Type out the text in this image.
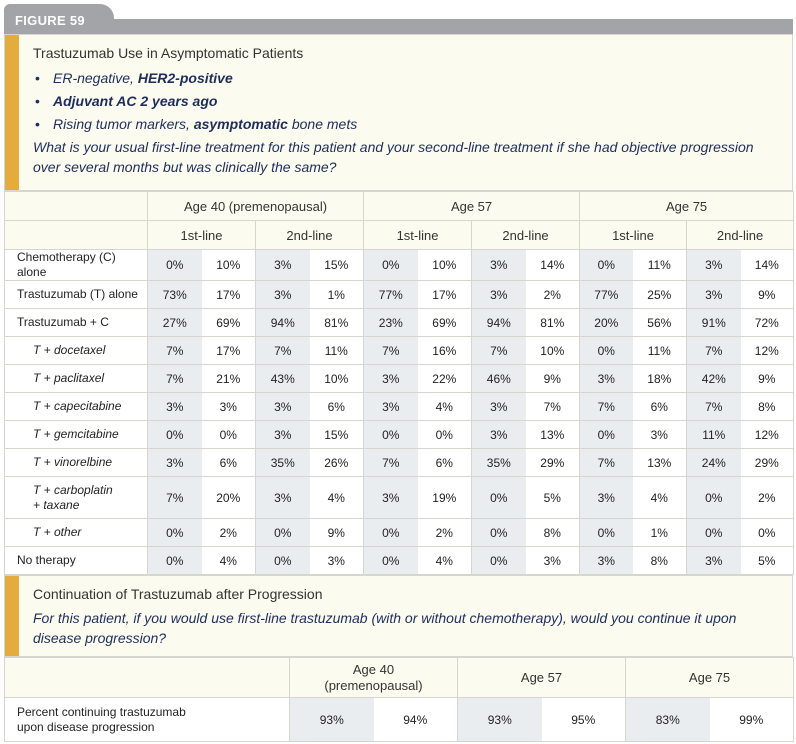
FIGURE 59
Trastuzumab Use in Asymptomatic Patients
• ER-negative, HER2-positive
• Adjuvant AC 2 years ago
• Rising tumor markers, asymptomatic bone mets
What is your usual first-line treatment for this patient and your second-line treatment if she had objective progression over several months but was clinically the same?
	Age 40 (premenopausal)				Age 57				Age 75			
	1st-line		2nd-line		1st-line		2nd-line		1st-line		2nd-line	
Chemotherapy (C) alone	0%	10%	3%	15%	0%	10%	3%	14%	0%	11%	3%	14%
Trastuzumab (T) alone	73%	17%	3%	1%	77%	17%	3%	2%	77%	25%	3%	9%
Trastuzumab + C	27%	69%	94%	81%	23%	69%	94%	81%	20%	56%	91%	72%
T + docetaxel	7%	17%	7%	11%	7%	16%	7%	10%	0%	11%	7%	12%
T + paclitaxel	7%	21%	43%	10%	3%	22%	46%	9%	3%	18%	42%	9%
T + capecitabine	3%	3%	3%	6%	3%	4%	3%	7%	7%	6%	7%	8%
T + gemcitabine	0%	0%	3%	15%	0%	0%	3%	13%	0%	3%	11%	12%
T + vinorelbine	3%	6%	35%	26%	7%	6%	35%	29%	7%	13%	24%	29%
T + carboplatin
+ taxane	7%	20%	3%	4%	3%	19%	0%	5%	3%	4%	0%	2%
T + other	0%	2%	0%	9%	0%	2%	0%	8%	0%	1%	0%	0%
No therapy	0%	4%	0%	3%	0%	4%	0%	3%	3%	8%	3%	5%
Continuation of Trastuzumab after Progression
For this patient, if you would use first-line trastuzumab (with or without chemotherapy), would you continue it upon disease progression?
	Age 40
(premenopausal)		Age 57		Age 75	
Percent continuing trastuzumab
upon disease progression	93%	94%	93%	95%	83%	99%
